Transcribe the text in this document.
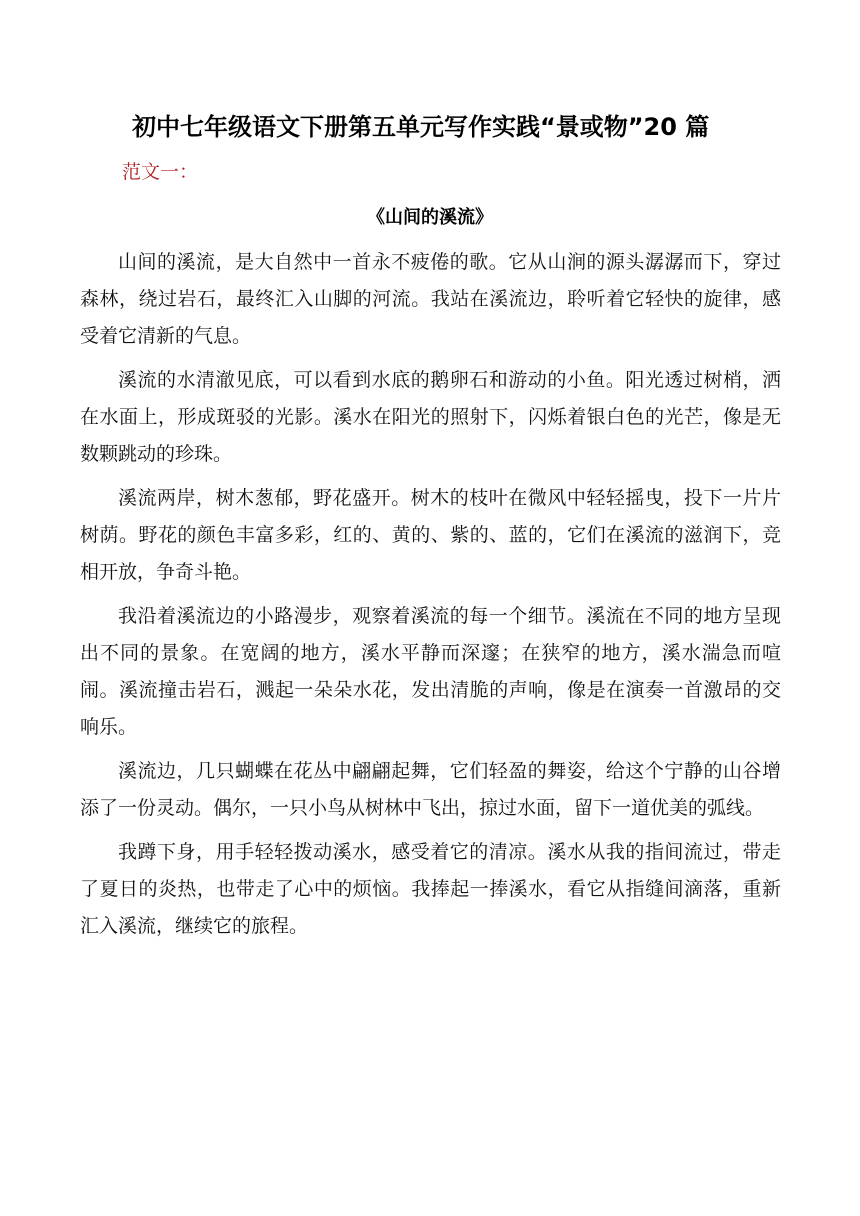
初中七年级语文下册第五单元写作实践“景或物”20 篇
范文一：
《山间的溪流》

山间的溪流，是大自然中一首永不疲倦的歌。它从山涧的源头潺潺而下，穿过森林，绕过岩石，最终汇入山脚的河流。我站在溪流边，聆听着它轻快的旋律，感受着它清新的气息。

溪流的水清澈见底，可以看到水底的鹅卵石和游动的小鱼。阳光透过树梢，洒在水面上，形成斑驳的光影。溪水在阳光的照射下，闪烁着银白色的光芒，像是无数颗跳动的珍珠。

溪流两岸，树木葱郁，野花盛开。树木的枝叶在微风中轻轻摇曳，投下一片片树荫。野花的颜色丰富多彩，红的、黄的、紫的、蓝的，它们在溪流的滋润下，竞相开放，争奇斗艳。

我沿着溪流边的小路漫步，观察着溪流的每一个细节。溪流在不同的地方呈现出不同的景象。在宽阔的地方，溪水平静而深邃；在狭窄的地方，溪水湍急而喧闹。溪流撞击岩石，溅起一朵朵水花，发出清脆的声响，像是在演奏一首激昂的交响乐。

溪流边，几只蝴蝶在花丛中翩翩起舞，它们轻盈的舞姿，给这个宁静的山谷增添了一份灵动。偶尔，一只小鸟从树林中飞出，掠过水面，留下一道优美的弧线。

我蹲下身，用手轻轻拨动溪水，感受着它的清凉。溪水从我的指间流过，带走了夏日的炎热，也带走了心中的烦恼。我捧起一捧溪水，看它从指缝间滴落，重新汇入溪流，继续它的旅程。
